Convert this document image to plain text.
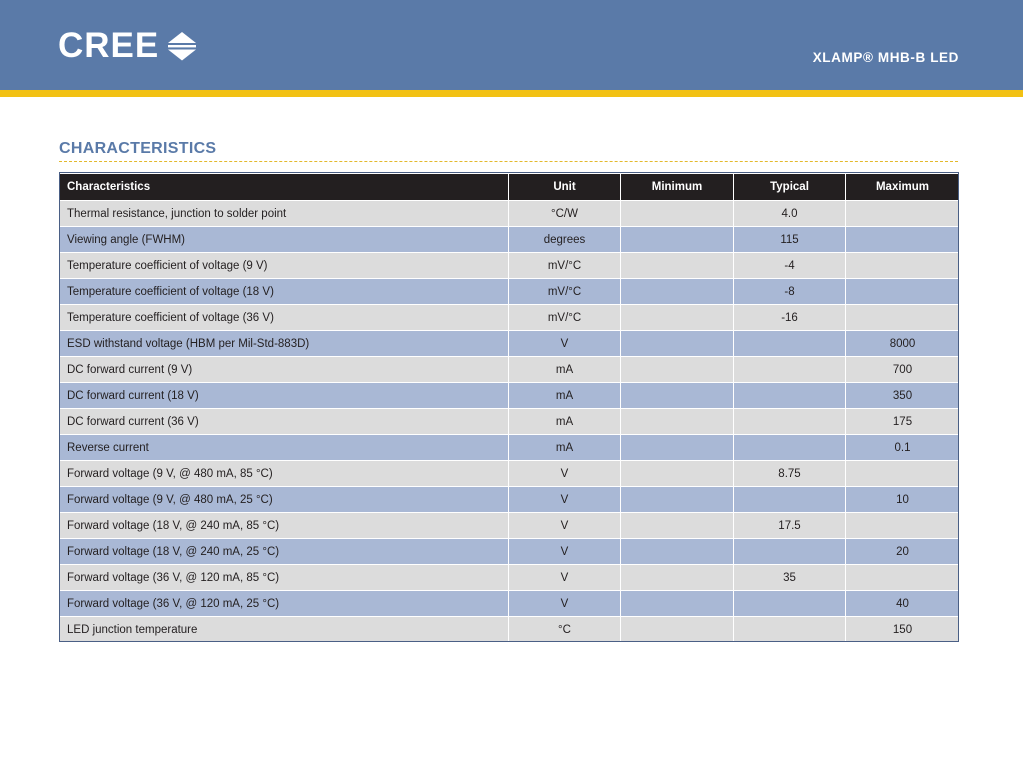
CREE	XLAMP® MHB-B LED
CHARACTERISTICS
Characteristics	Unit	Minimum	Typical	Maximum
Thermal resistance, junction to solder point	°C/W		4.0	
Viewing angle (FWHM)	degrees		115	
Temperature coefficient of voltage (9 V)	mV/°C		-4	
Temperature coefficient of voltage (18 V)	mV/°C		-8	
Temperature coefficient of voltage (36 V)	mV/°C		-16	
ESD withstand voltage (HBM per Mil-Std-883D)	V			8000
DC forward current (9 V)	mA			700
DC forward current (18 V)	mA			350
DC forward current (36 V)	mA			175
Reverse current	mA			0.1
Forward voltage (9 V, @ 480 mA, 85 °C)	V		8.75	
Forward voltage (9 V, @ 480 mA, 25 °C)	V			10
Forward voltage (18 V, @ 240 mA, 85 °C)	V		17.5	
Forward voltage (18 V, @ 240 mA, 25 °C)	V			20
Forward voltage (36 V, @ 120 mA, 85 °C)	V		35	
Forward voltage (36 V, @ 120 mA, 25 °C)	V			40
LED junction temperature	°C			150
